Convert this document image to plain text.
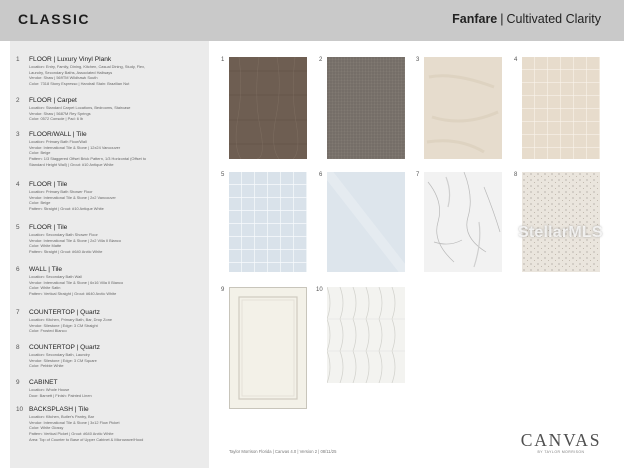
CLASSIC	Fanfare | Cultivated Clarity
1 FLOOR | Luxury Vinyl Plank
Location: Entry, Family, Dining, Kitchen, Casual Dining, Study, Flex,
Laundry, Secondary Baths, Associated Hallways
Vendor: Shaw | 569TM Wildhawk South
Color: 7318 Stony Espresso | Handrail Stain: Brazilian Nut
2 FLOOR | Carpet
Location: Standard Carpet Locations, Bedrooms, Staircase
Vendor: Shaw | 5687M Rey Springs
Color: 0572 Console | Pad: 6 lb
3 FLOOR/WALL | Tile
Location: Primary Bath Floor/Wall
Vendor: International Tile & Stone | 12x24 Vancouver
Color: Beige
Pattern: 1/3 Staggered Offset Brick Pattern, 1/3 Horizontal (Offset to
Standard Height Wall) | Grout: #10 Antique White
4 FLOOR | Tile
Location: Primary Bath Shower Floor
Vendor: International Tile & Stone | 2x2 Vancouver
Color: Beige
Pattern: Straight | Grout: #10 Antique White
5 FLOOR | Tile
Location: Secondary Bath Shower Floor
Vendor: International Tile & Stone | 2x2 Villa II Bianco
Color: White Matte
Pattern: Straight | Grout: #640 Arctic White
6 WALL | Tile
Location: Secondary Bath Wall
Vendor: International Tile & Stone | 6x16 Villa II Bianco
Color: White Satin
Pattern: Vertical Straight | Grout: #640 Arctic White
7 COUNTERTOP | Quartz
Location: Kitchen, Primary Bath, Bar, Drop Zone
Vendor: Silestone | Edge: 3 CM Straight
Color: Frosted Blanco
8 COUNTERTOP | Quartz
Location: Secondary Bath, Laundry
Vendor: Silestone | Edge: 3 CM Square
Color: Pebble White
9 CABINET
Location: Whole House
Door: Barnett | Finish: Painted Linen
10 BACKSPLASH | Tile
Location: Kitchen, Butler's Pantry, Bar
Vendor: International Tile & Stone | 3x12 Flow Picket
Color: White Glossy
Pattern: Vertical Picket | Grout: #640 Arctic White
Area: Top of Counter to Base of Upper Cabinet & Microwave/Hood
1	2	3	4
5	6	7	8
9	10
StellarMLS
Taylor Morrison Florida | Canvas 4.0 | Version 2 | 08/11/25
CANVAS
BY TAYLOR MORRISON
